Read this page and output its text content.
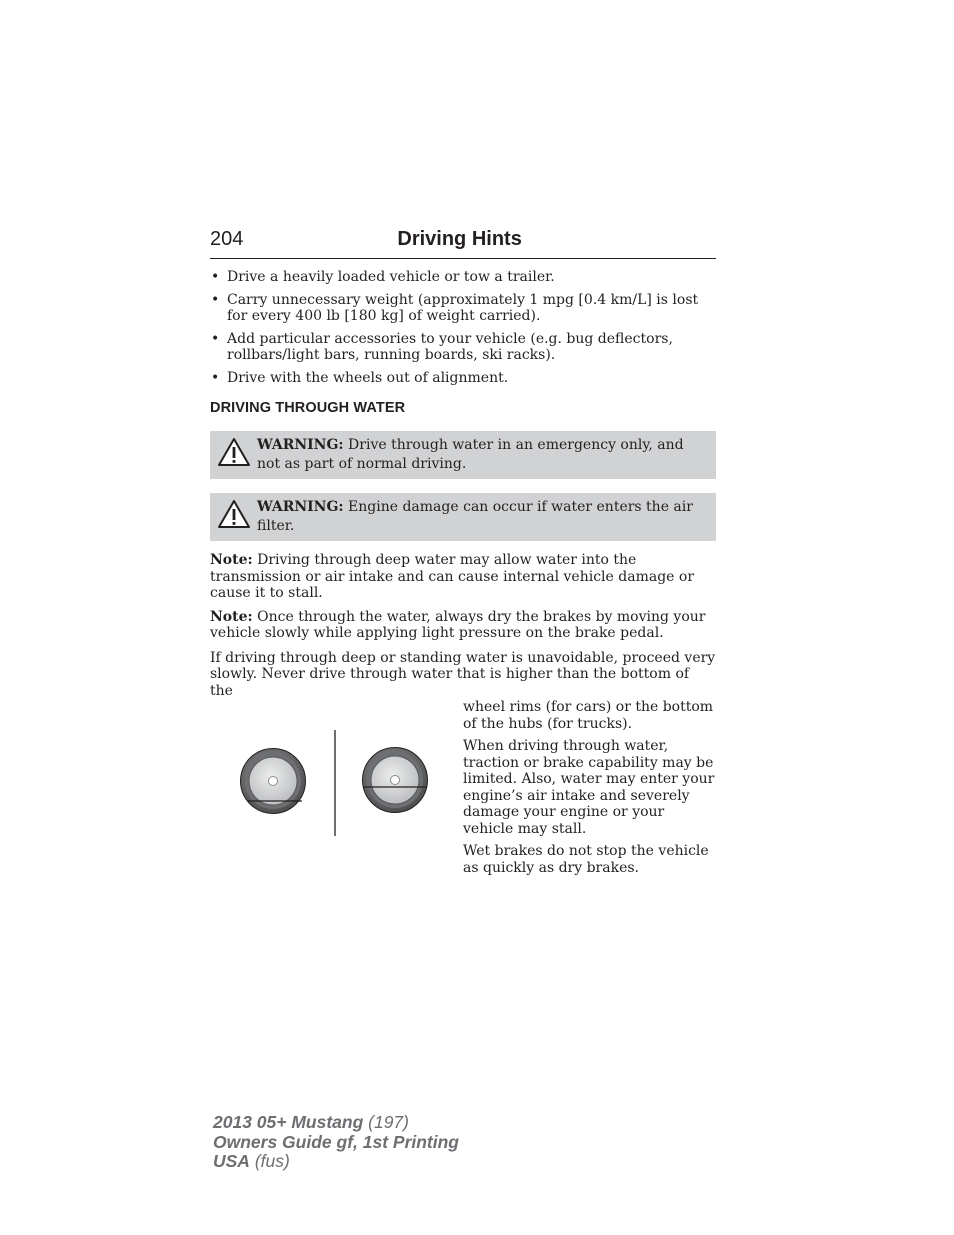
204	Driving Hints
• Drive a heavily loaded vehicle or tow a trailer.
• Carry unnecessary weight (approximately 1 mpg [0.4 km/L] is lost for every 400 lb [180 kg] of weight carried).
• Add particular accessories to your vehicle (e.g. bug deflectors, rollbars/light bars, running boards, ski racks).
• Drive with the wheels out of alignment.
DRIVING THROUGH WATER
WARNING: Drive through water in an emergency only, and not as part of normal driving.
WARNING: Engine damage can occur if water enters the air filter.

Note: Driving through deep water may allow water into the transmission or air intake and can cause internal vehicle damage or cause it to stall.

Note: Once through the water, always dry the brakes by moving your vehicle slowly while applying light pressure on the brake pedal.

If driving through deep or standing water is unavoidable, proceed very slowly. Never drive through water that is higher than the bottom of the

wheel rims (for cars) or the bottom of the hubs (for trucks).

When driving through water, traction or brake capability may be limited. Also, water may enter your engine’s air intake and severely damage your engine or your vehicle may stall.

Wet brakes do not stop the vehicle as quickly as dry brakes.

2013 05+ Mustang (197)
Owners Guide gf, 1st Printing
USA (fus)
